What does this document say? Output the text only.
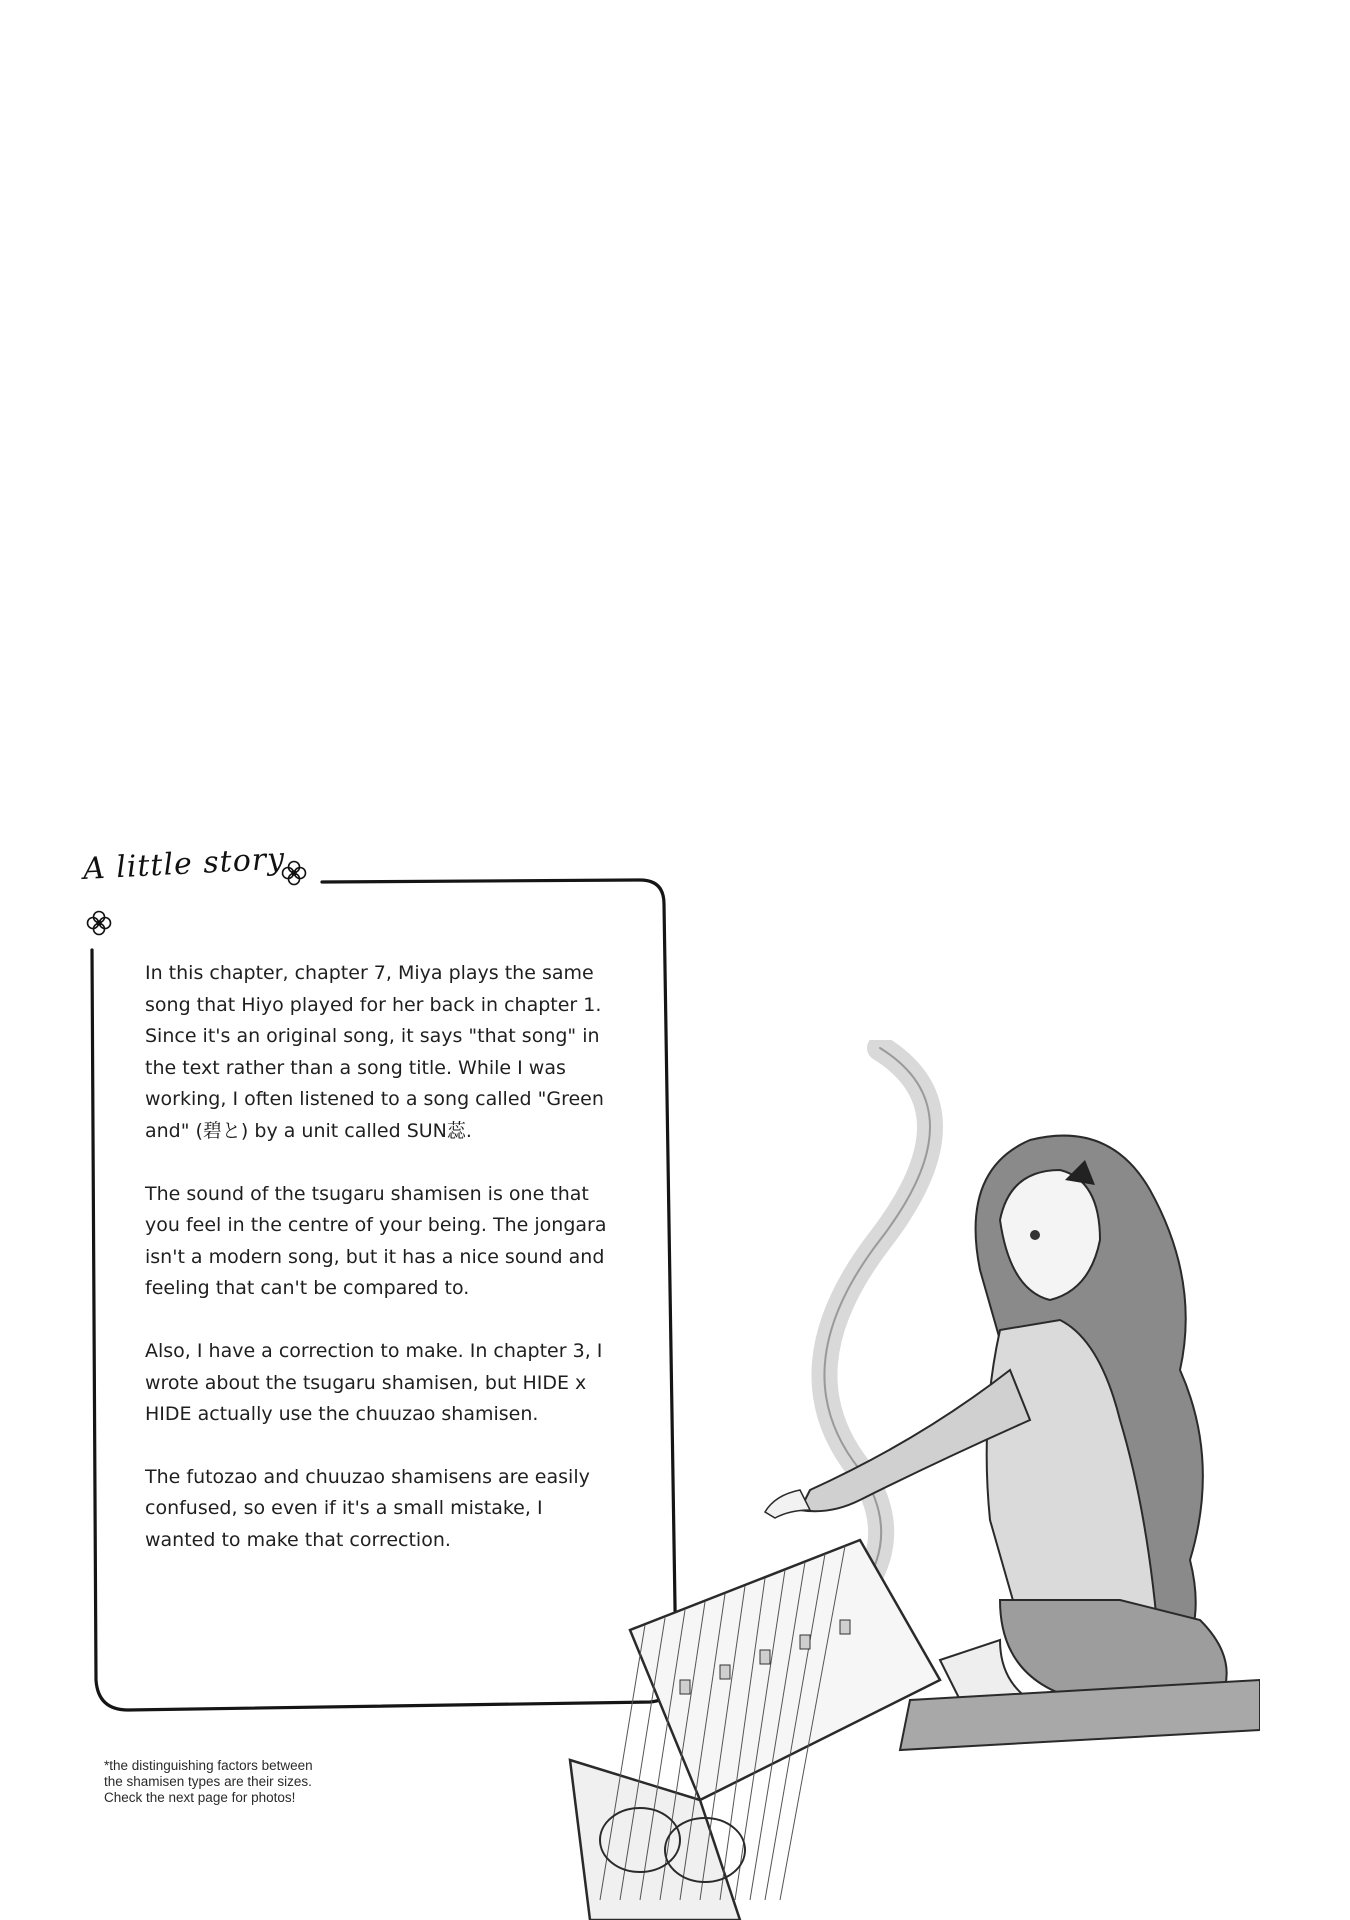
A little story

In this chapter, chapter 7, Miya plays the same song that Hiyo played for her back in chapter 1. Since it's an original song, it says "that song" in the text rather than a song title. While I was working, I often listened to a song called "Green and" (碧と) by a unit called SUN蕊.

The sound of the tsugaru shamisen is one that you feel in the centre of your being. The jongara isn't a modern song, but it has a nice sound and feeling that can't be compared to.

Also, I have a correction to make. In chapter 3, I wrote about the tsugaru shamisen, but HIDE x HIDE actually use the chuuzao shamisen.

The futozao and chuuzao shamisens are easily confused, so even if it's a small mistake, I wanted to make that correction.

*the distinguishing factors between
the shamisen types are their sizes.
Check the next page for photos!
